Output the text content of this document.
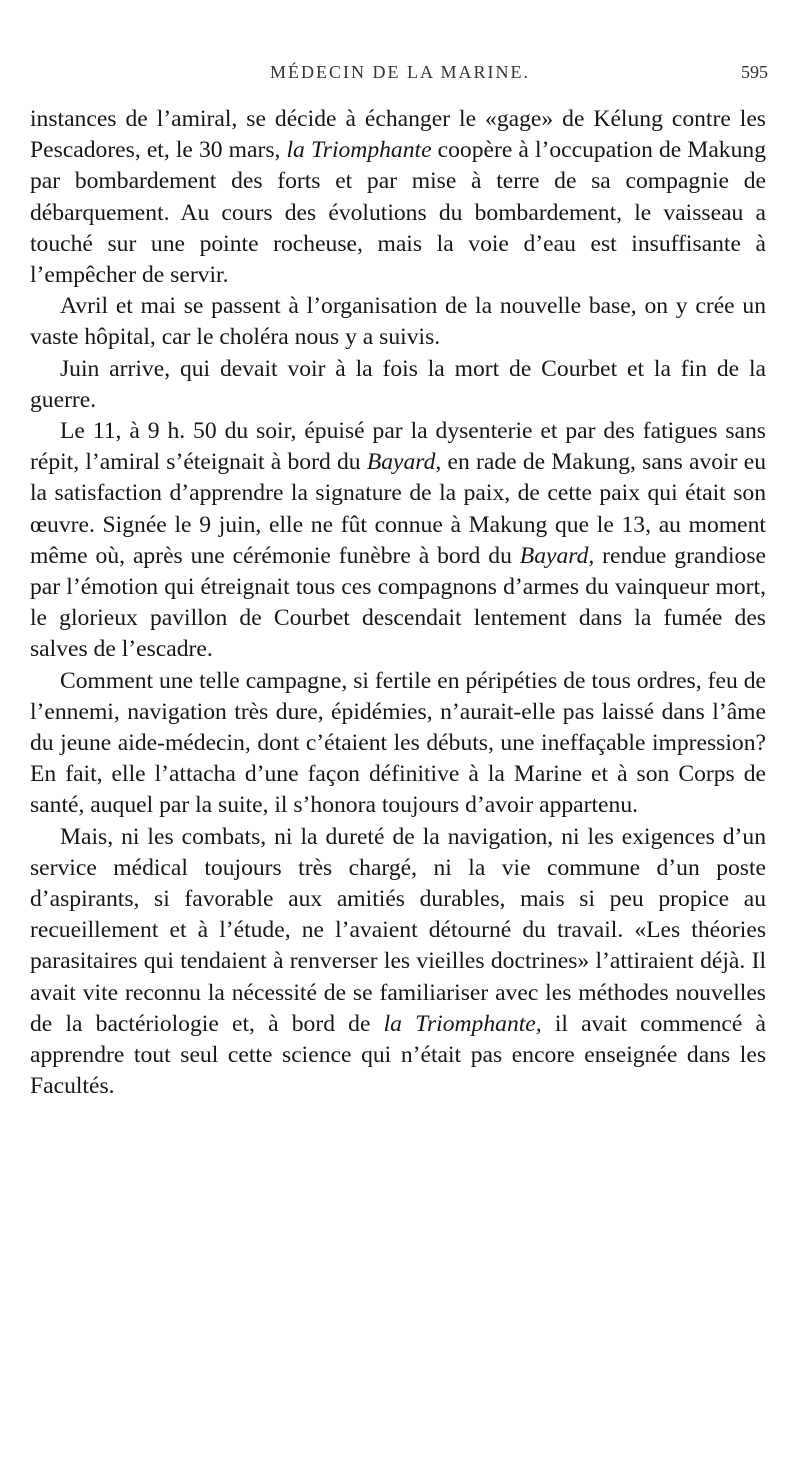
MÉDECIN DE LA MARINE.	595

instances de l’amiral, se décide à échanger le «gage» de Kélung contre les Pescadores, et, le 30 mars, la Triomphante coopère à l’occupation de Makung par bombardement des forts et par mise à terre de sa compagnie de débarquement. Au cours des évolutions du bombardement, le vaisseau a touché sur une pointe rocheuse, mais la voie d’eau est insuffisante à l’empêcher de servir.

Avril et mai se passent à l’organisation de la nouvelle base, on y crée un vaste hôpital, car le choléra nous y a suivis.

Juin arrive, qui devait voir à la fois la mort de Courbet et la fin de la guerre.

Le 11, à 9 h. 50 du soir, épuisé par la dysenterie et par des fatigues sans répit, l’amiral s’éteignait à bord du Bayard, en rade de Makung, sans avoir eu la satisfaction d’apprendre la signature de la paix, de cette paix qui était son œuvre. Signée le 9 juin, elle ne fût connue à Makung que le 13, au moment même où, après une cérémonie funèbre à bord du Bayard, rendue grandiose par l’émotion qui étreignait tous ces compagnons d’armes du vainqueur mort, le glorieux pavillon de Courbet descendait lentement dans la fumée des salves de l’escadre.

Comment une telle campagne, si fertile en péripéties de tous ordres, feu de l’ennemi, navigation très dure, épidémies, n’aurait-elle pas laissé dans l’âme du jeune aide-médecin, dont c’étaient les débuts, une ineffaçable impression? En fait, elle l’attacha d’une façon définitive à la Marine et à son Corps de santé, auquel par la suite, il s’honora toujours d’avoir appartenu.

Mais, ni les combats, ni la dureté de la navigation, ni les exigences d’un service médical toujours très chargé, ni la vie commune d’un poste d’aspirants, si favorable aux amitiés durables, mais si peu propice au recueillement et à l’étude, ne l’avaient détourné du travail. «Les théories parasitaires qui tendaient à renverser les vieilles doctrines» l’attiraient déjà. Il avait vite reconnu la nécessité de se familiariser avec les méthodes nouvelles de la bactériologie et, à bord de la Triomphante, il avait commencé à apprendre tout seul cette science qui n’était pas encore enseignée dans les Facultés.
